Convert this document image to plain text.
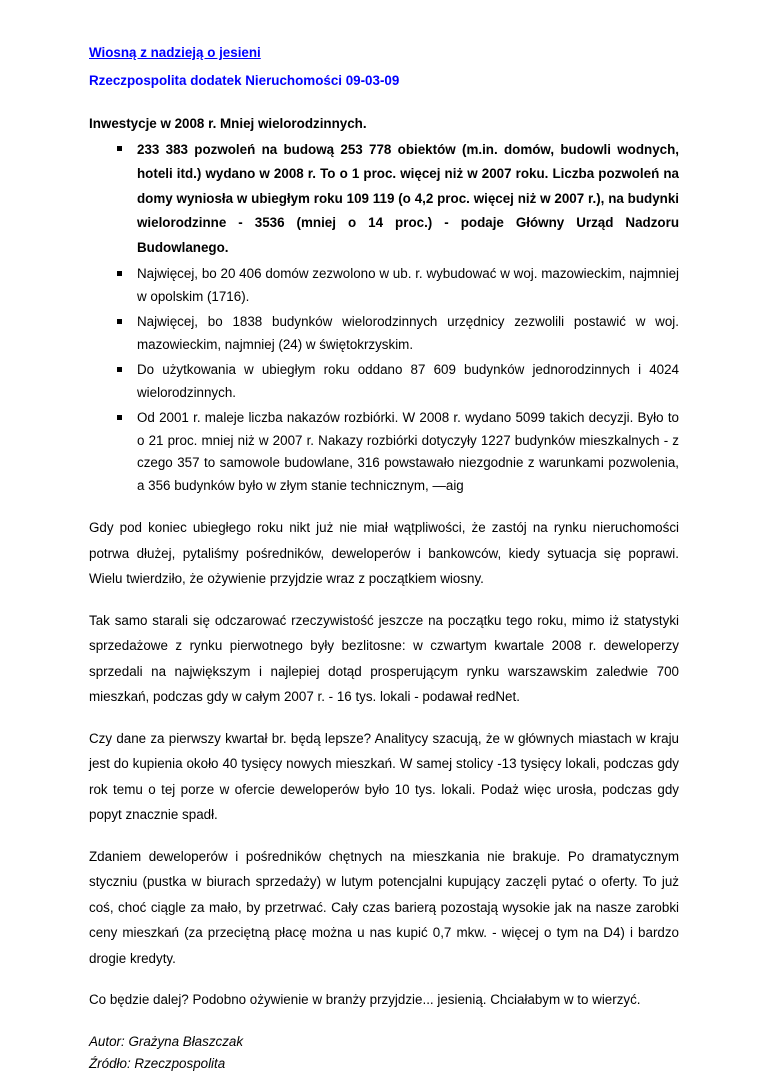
Wiosną z nadzieją o jesieni
Rzeczpospolita dodatek Nieruchomości 09-03-09
Inwestycje w 2008 r. Mniej wielorodzinnych.
233 383 pozwoleń na budową 253 778 obiektów (m.in. domów, budowli wodnych, hoteli itd.) wydano w 2008 r. To o 1 proc. więcej niż w 2007 roku. Liczba pozwoleń na domy wyniosła w ubiegłym roku 109 119 (o 4,2 proc. więcej niż w 2007 r.), na budynki wielorodzinne - 3536 (mniej o 14 proc.) - podaje Główny Urząd Nadzoru Budowlanego.
Najwięcej, bo 20 406 domów zezwolono w ub. r. wybudować w woj. mazowieckim, najmniej w opolskim (1716).
Najwięcej, bo 1838 budynków wielorodzinnych urzędnicy zezwolili postawić w woj. mazowieckim, najmniej (24) w świętokrzyskim.
Do użytkowania w ubiegłym roku oddano 87 609 budynków jednorodzinnych i 4024 wielorodzinnych.
Od 2001 r. maleje liczba nakazów rozbiórki. W 2008 r. wydano 5099 takich decyzji. Było to o 21 proc. mniej niż w 2007 r. Nakazy rozbiórki dotyczyły 1227 budynków mieszkalnych - z czego 357 to samowole budowlane, 316 powstawało niezgodnie z warunkami pozwolenia, a 356 budynków było w złym stanie technicznym, —aig

Gdy pod koniec ubiegłego roku nikt już nie miał wątpliwości, że zastój na rynku nieruchomości potrwa dłużej, pytaliśmy pośredników, deweloperów i bankowców, kiedy sytuacja się poprawi. Wielu twierdziło, że ożywienie przyjdzie wraz z początkiem wiosny.

Tak samo starali się odczarować rzeczywistość jeszcze na początku tego roku, mimo iż statystyki sprzedażowe z rynku pierwotnego były bezlitosne: w czwartym kwartale 2008 r. deweloperzy sprzedali na największym i najlepiej dotąd prosperującym rynku warszawskim zaledwie 700 mieszkań, podczas gdy w całym 2007 r. - 16 tys. lokali - podawał redNet.

Czy dane za pierwszy kwartał br. będą lepsze? Analitycy szacują, że w głównych miastach w kraju jest do kupienia około 40 tysięcy nowych mieszkań. W samej stolicy -13 tysięcy lokali, podczas gdy rok temu o tej porze w ofercie deweloperów było 10 tys. lokali. Podaż więc urosła, podczas gdy popyt znacznie spadł.

Zdaniem deweloperów i pośredników chętnych na mieszkania nie brakuje. Po dramatycznym styczniu (pustka w biurach sprzedaży) w lutym potencjalni kupujący zaczęli pytać o oferty. To już coś, choć ciągle za mało, by przetrwać. Cały czas barierą pozostają wysokie jak na nasze zarobki ceny mieszkań (za przeciętną płacę można u nas kupić 0,7 mkw. - więcej o tym na D4) i bardzo drogie kredyty.

Co będzie dalej? Podobno ożywienie w branży przyjdzie... jesienią. Chciałabym w to wierzyć.

Autor: Grażyna Błaszczak
Źródło: Rzeczpospolita
